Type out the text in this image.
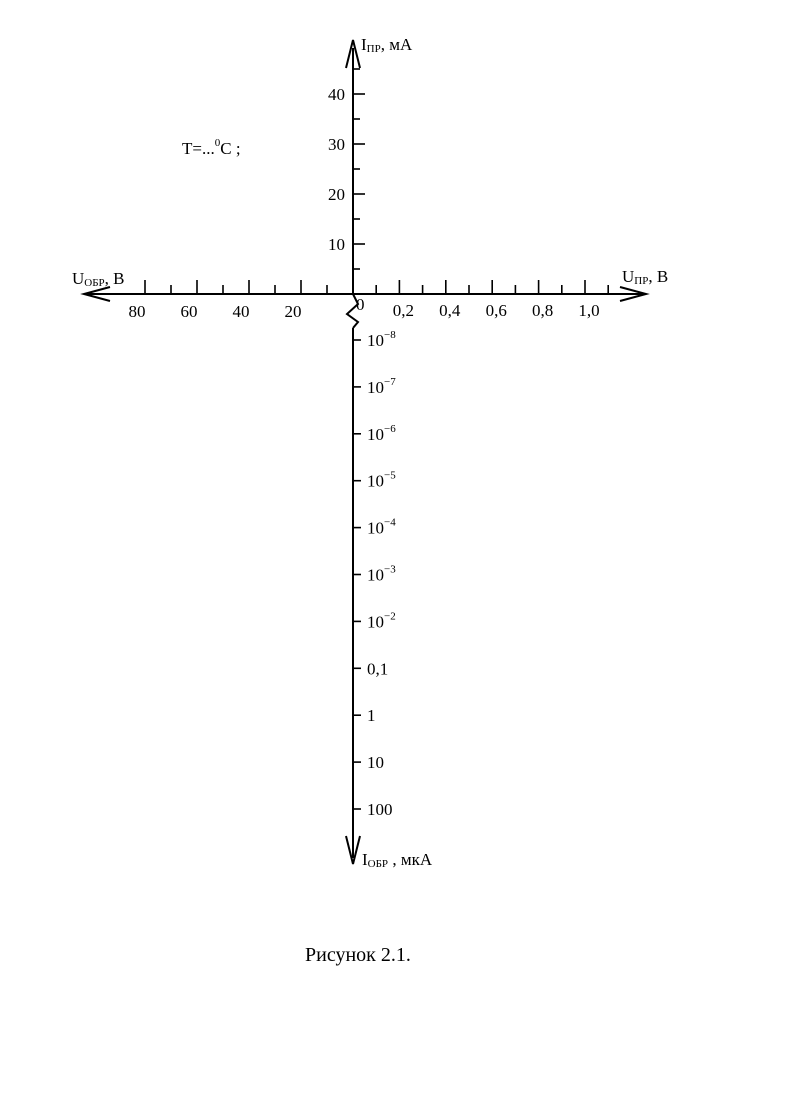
10
20
30
40
0,2 0,4 0,6 0,8 1,0
20
40
60
80
$10^{-8}$
$10^{-7}$
$10^{-6}$
$10^{-5}$
$10^{-4}$
$10^{-3}$
$10^{-2}$
0,1
1
10
100
0
IПР, мА
IОБР , мкА
UПР, В
UОБР, В
T=...$^0$C ;
Рисунок 2.1.
